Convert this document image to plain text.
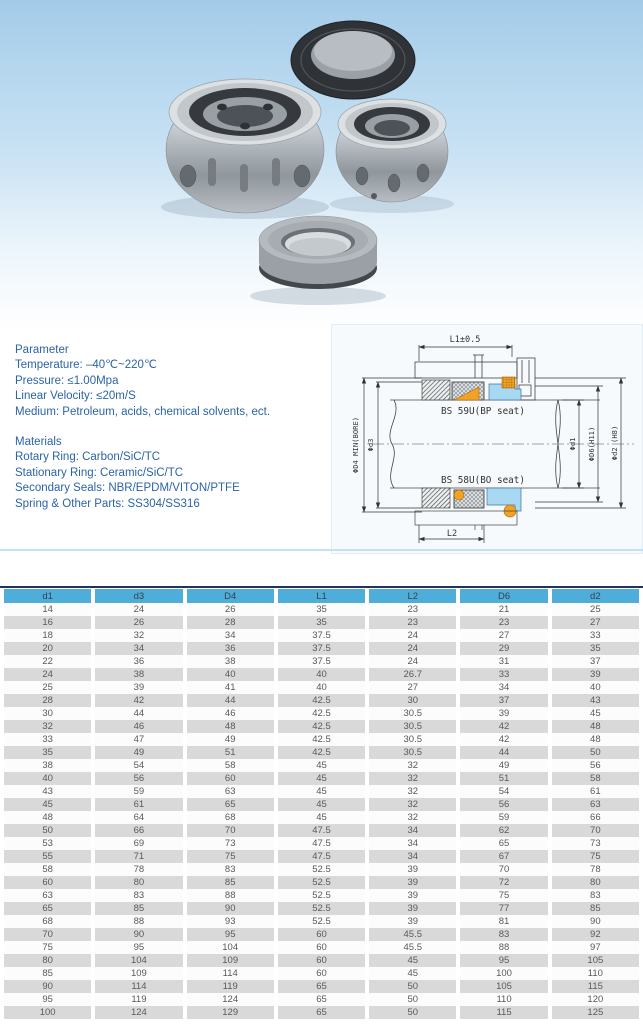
Parameter
Temperature: –40℃~220℃
Pressure: ≤1.00Mpa
Linear Velocity: ≤20m/S
Medium: Petroleum, acids, chemical solvents, ect.
Materials
Rotary Ring: Carbon/SiC/TC
Stationary Ring: Ceramic/SiC/TC
Secondary Seals: NBR/EPDM/VITON/PTFE
Spring & Other Parts: SS304/SS316
L1±0.5
L2
ΦD4 MIN(BORE) Φd3	Φd1 ΦD6(H11) Φd2 (H8)
BS 59U(BP seat)
BS 58U(BO seat)
d1	d3	D4	L1	L2	D6	d2
14	24	26	35	23	21	25
16	26	28	35	23	23	27
18	32	34	37.5	24	27	33
20	34	36	37.5	24	29	35
22	36	38	37.5	24	31	37
24	38	40	40	26.7	33	39
25	39	41	40	27	34	40
28	42	44	42.5	30	37	43
30	44	46	42.5	30.5	39	45
32	46	48	42.5	30.5	42	48
33	47	49	42.5	30.5	42	48
35	49	51	42.5	30.5	44	50
38	54	58	45	32	49	56
40	56	60	45	32	51	58
43	59	63	45	32	54	61
45	61	65	45	32	56	63
48	64	68	45	32	59	66
50	66	70	47.5	34	62	70
53	69	73	47.5	34	65	73
55	71	75	47.5	34	67	75
58	78	83	52.5	39	70	78
60	80	85	52.5	39	72	80
63	83	88	52.5	39	75	83
65	85	90	52.5	39	77	85
68	88	93	52.5	39	81	90
70	90	95	60	45.5	83	92
75	95	104	60	45.5	88	97
80	104	109	60	45	95	105
85	109	114	60	45	100	110
90	114	119	65	50	105	115
95	119	124	65	50	110	120
100	124	129	65	50	115	125
